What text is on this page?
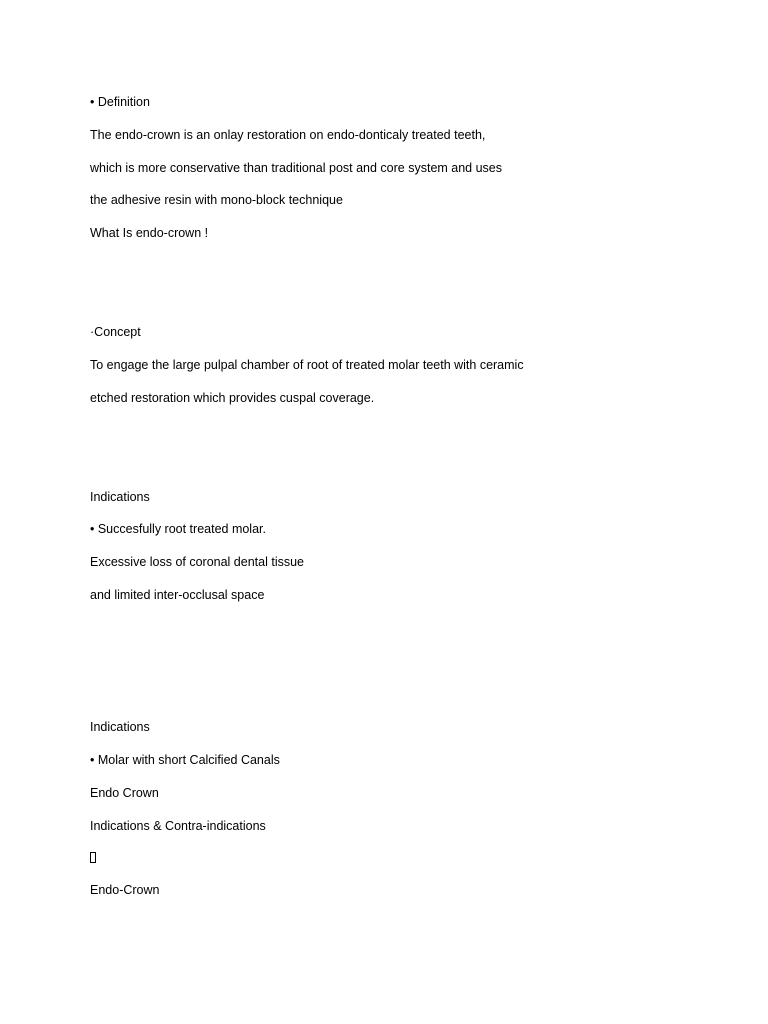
• Definition

The endo-crown is an onlay restoration on endo-donticaly treated teeth,

which is more conservative than traditional post and core system and uses

the adhesive resin with mono-block technique

What Is endo-crown !

·Concept

To engage the large pulpal chamber of root of treated molar teeth with ceramic

etched restoration which provides cuspal coverage.

Indications

• Succesfully root treated molar.

Excessive loss of coronal dental tissue

and limited inter-occlusal space

Indications

• Molar with short Calcified Canals

Endo Crown

Indications & Contra-indications

Endo-Crown
